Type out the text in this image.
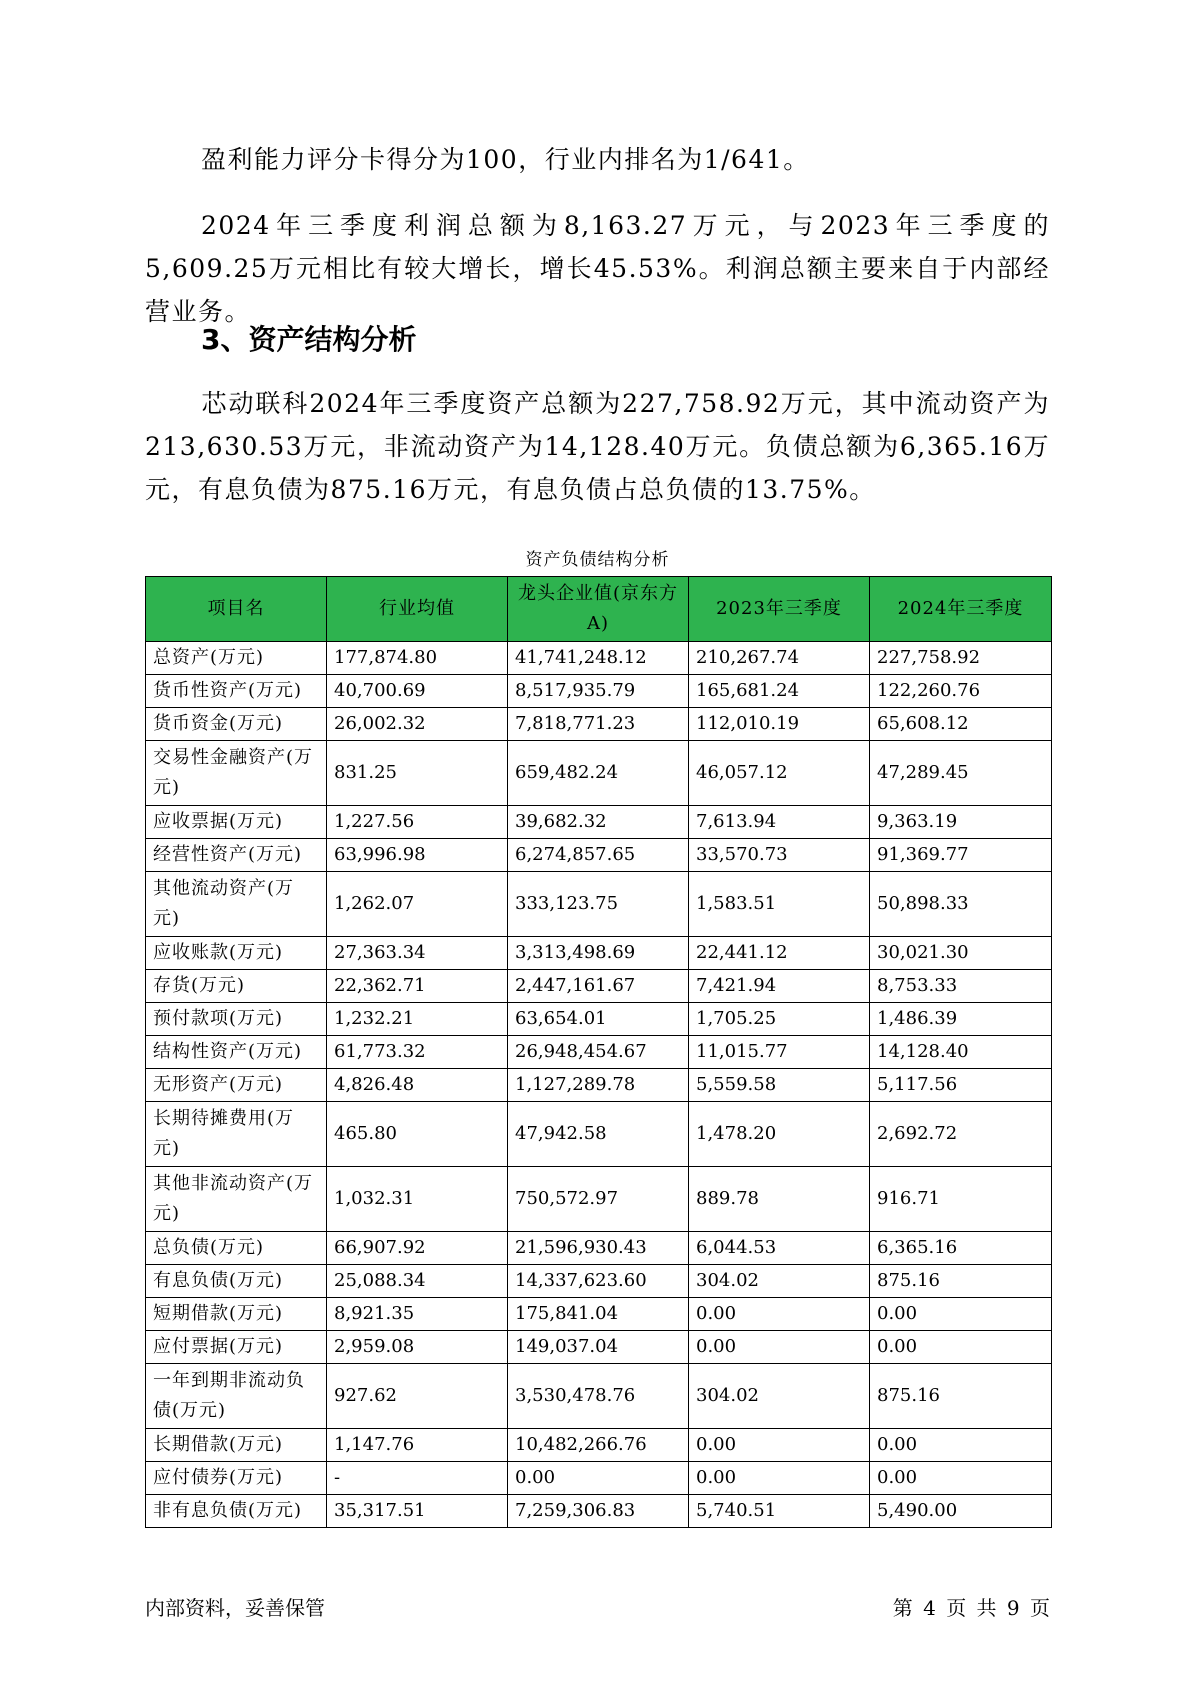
盈利能力评分卡得分为100，行业内排名为1/641。

2024年三季度利润总额为8,163.27万元，与2023年三季度的5,609.25万元相比有较大增长，增长45.53%。利润总额主要来自于内部经营业务。

3、资产结构分析

芯动联科2024年三季度资产总额为227,758.92万元，其中流动资产为213,630.53万元，非流动资产为14,128.40万元。负债总额为6,365.16万元，有息负债为875.16万元，有息负债占总负债的13.75%。

资产负债结构分析
项目名	行业均值	龙头企业值(京东方A)	2023年三季度	2024年三季度
总资产(万元)	177,874.80	41,741,248.12	210,267.74	227,758.92
货币性资产(万元)	40,700.69	8,517,935.79	165,681.24	122,260.76
货币资金(万元)	26,002.32	7,818,771.23	112,010.19	65,608.12
交易性金融资产(万元)	831.25	659,482.24	46,057.12	47,289.45
应收票据(万元)	1,227.56	39,682.32	7,613.94	9,363.19
经营性资产(万元)	63,996.98	6,274,857.65	33,570.73	91,369.77
其他流动资产(万元)	1,262.07	333,123.75	1,583.51	50,898.33
应收账款(万元)	27,363.34	3,313,498.69	22,441.12	30,021.30
存货(万元)	22,362.71	2,447,161.67	7,421.94	8,753.33
预付款项(万元)	1,232.21	63,654.01	1,705.25	1,486.39
结构性资产(万元)	61,773.32	26,948,454.67	11,015.77	14,128.40
无形资产(万元)	4,826.48	1,127,289.78	5,559.58	5,117.56
长期待摊费用(万元)	465.80	47,942.58	1,478.20	2,692.72
其他非流动资产(万元)	1,032.31	750,572.97	889.78	916.71
总负债(万元)	66,907.92	21,596,930.43	6,044.53	6,365.16
有息负债(万元)	25,088.34	14,337,623.60	304.02	875.16
短期借款(万元)	8,921.35	175,841.04	0.00	0.00
应付票据(万元)	2,959.08	149,037.04	0.00	0.00
一年到期非流动负债(万元)	927.62	3,530,478.76	304.02	875.16
长期借款(万元)	1,147.76	10,482,266.76	0.00	0.00
应付债券(万元)	-	0.00	0.00	0.00
非有息负债(万元)	35,317.51	7,259,306.83	5,740.51	5,490.00
内部资料，妥善保管	第 4 页 共 9 页
